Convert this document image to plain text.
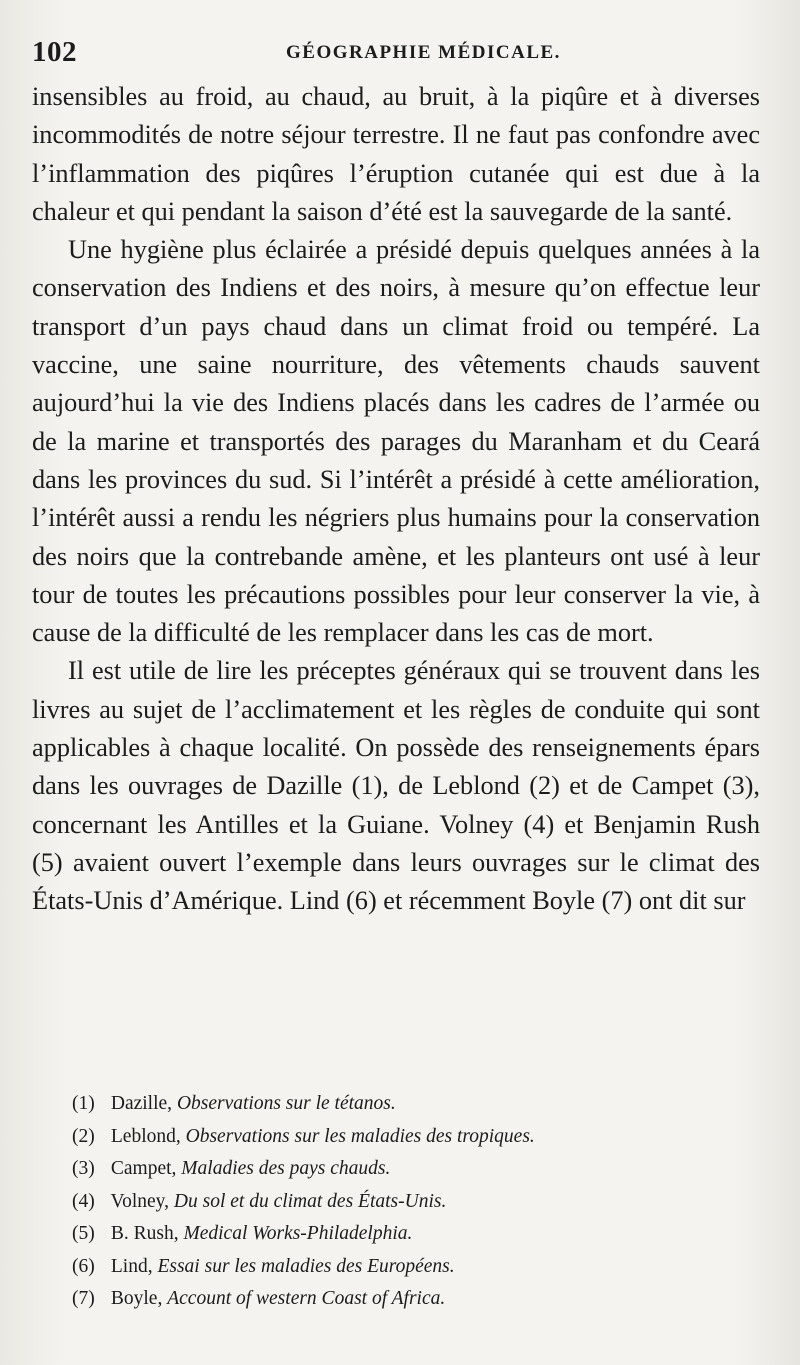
102	GÉOGRAPHIE MÉDICALE.

insensibles au froid, au chaud, au bruit, à la piqûre et à diverses incommodités de notre séjour terrestre. Il ne faut pas confondre avec l’inflammation des piqûres l’éruption cutanée qui est due à la chaleur et qui pendant la saison d’été est la sauvegarde de la santé.

Une hygiène plus éclairée a présidé depuis quelques années à la conservation des Indiens et des noirs, à mesure qu’on effectue leur transport d’un pays chaud dans un climat froid ou tempéré. La vaccine, une saine nourriture, des vêtements chauds sauvent aujourd’hui la vie des Indiens placés dans les cadres de l’armée ou de la marine et transportés des parages du Maranham et du Ceará dans les provinces du sud. Si l’intérêt a présidé à cette amélioration, l’intérêt aussi a rendu les négriers plus humains pour la conservation des noirs que la contrebande amène, et les planteurs ont usé à leur tour de toutes les précautions possibles pour leur conserver la vie, à cause de la difficulté de les remplacer dans les cas de mort.

Il est utile de lire les préceptes généraux qui se trouvent dans les livres au sujet de l’acclimatement et les règles de conduite qui sont applicables à chaque localité. On possède des renseignements épars dans les ouvrages de Dazille (1), de Leblond (2) et de Campet (3), concernant les Antilles et la Guiane. Volney (4) et Benjamin Rush (5) avaient ouvert l’exemple dans leurs ouvrages sur le climat des États-Unis d’Amérique. Lind (6) et récemment Boyle (7) ont dit sur

(1) Dazille, Observations sur le tétanos.
(2) Leblond, Observations sur les maladies des tropiques.
(3) Campet, Maladies des pays chauds.
(4) Volney, Du sol et du climat des États-Unis.
(5) B. Rush, Medical Works-Philadelphia.
(6) Lind, Essai sur les maladies des Européens.
(7) Boyle, Account of western Coast of Africa.
